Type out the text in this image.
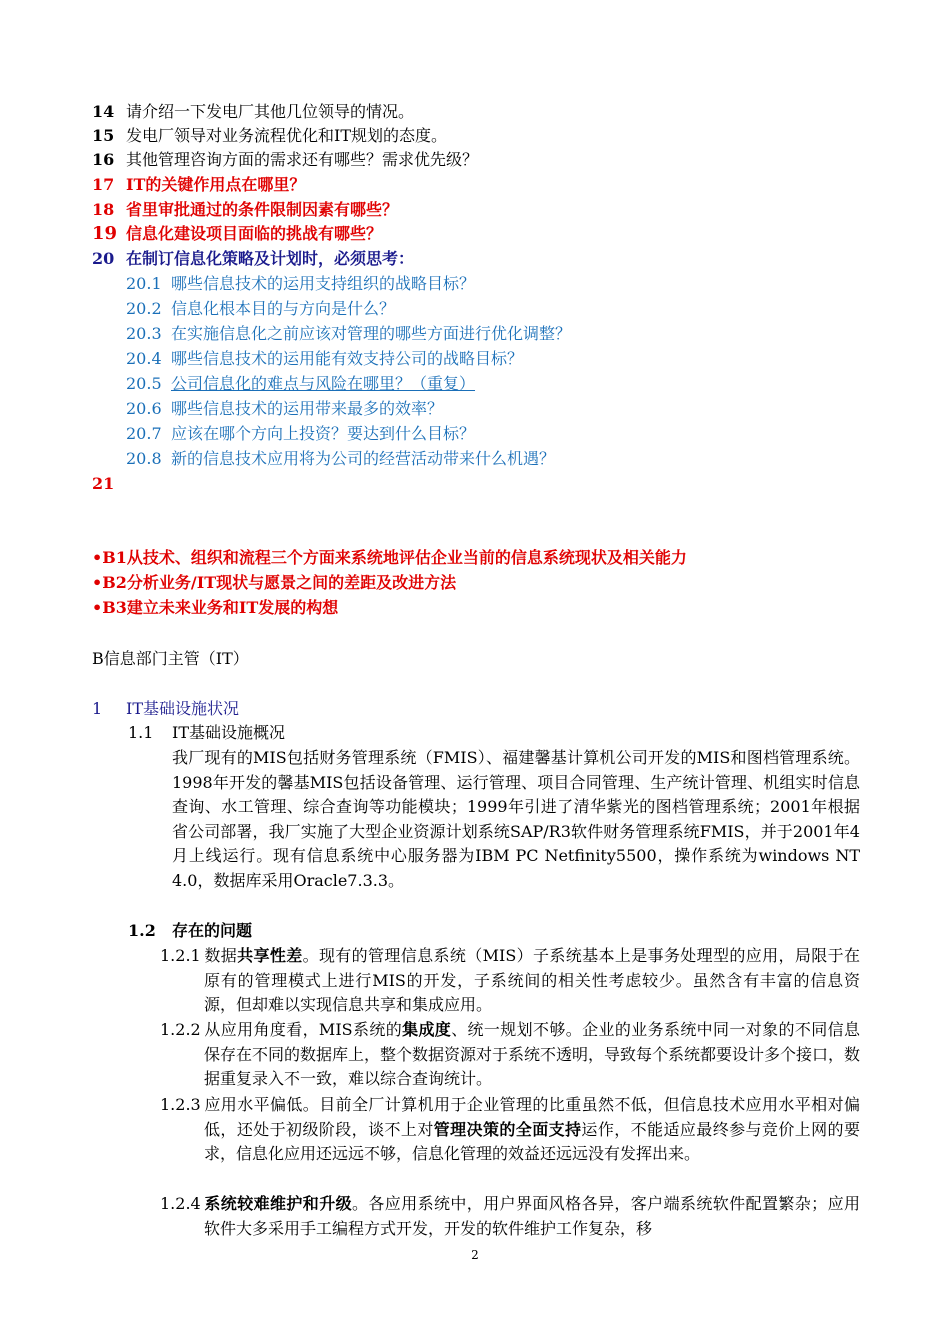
14 请介绍一下发电厂其他几位领导的情况。
15 发电厂领导对业务流程优化和IT规划的态度。
16 其他管理咨询方面的需求还有哪些？需求优先级？
17 IT的关键作用点在哪里？
18 省里审批通过的条件限制因素有哪些？
19 信息化建设项目面临的挑战有哪些？
20 在制订信息化策略及计划时，必须思考：
20.1 哪些信息技术的运用支持组织的战略目标？
20.2 信息化根本目的与方向是什么？
20.3 在实施信息化之前应该对管理的哪些方面进行优化调整？
20.4 哪些信息技术的运用能有效支持公司的战略目标？
20.5 公司信息化的难点与风险在哪里？（重复）
20.6 哪些信息技术的运用带来最多的效率？
20.7 应该在哪个方向上投资？要达到什么目标？
20.8 新的信息技术应用将为公司的经营活动带来什么机遇？
21
•B1从技术、组织和流程三个方面来系统地评估企业当前的信息系统现状及相关能力
•B2分析业务/IT现状与愿景之间的差距及改进方法
•B3建立未来业务和IT发展的构想
B信息部门主管（IT）
1 IT基础设施状况
1.1 IT基础设施概况
我厂现有的MIS包括财务管理系统（FMIS）、福建馨基计算机公司开发的MIS和图档管理系统。1998年开发的馨基MIS包括设备管理、运行管理、项目合同管理、生产统计管理、机组实时信息查询、水工管理、综合查询等功能模块；1999年引进了清华紫光的图档管理系统；2001年根据省公司部署，我厂实施了大型企业资源计划系统SAP/R3软件财务管理系统FMIS，并于2001年4月上线运行。现有信息系统中心服务器为IBM PC Netfinity5500，操作系统为windows NT 4.0，数据库采用Oracle7.3.3。
1.2 存在的问题
1.2.1 数据共享性差。现有的管理信息系统（MIS）子系统基本上是事务处理型的应用，局限于在原有的管理模式上进行MIS的开发，子系统间的相关性考虑较少。虽然含有丰富的信息资源，但却难以实现信息共享和集成应用。
1.2.2 从应用角度看，MIS系统的集成度、统一规划不够。企业的业务系统中同一对象的不同信息保存在不同的数据库上，整个数据资源对于系统不透明，导致每个系统都要设计多个接口，数据重复录入不一致，难以综合查询统计。
1.2.3 应用水平偏低。目前全厂计算机用于企业管理的比重虽然不低，但信息技术应用水平相对偏低，还处于初级阶段，谈不上对管理决策的全面支持运作，不能适应最终参与竞价上网的要求，信息化应用还远远不够，信息化管理的效益还远远没有发挥出来。
1.2.4 系统较难维护和升级。各应用系统中，用户界面风格各异，客户端系统软件配置繁杂；应用软件大多采用手工编程方式开发，开发的软件维护工作复杂，移
2
